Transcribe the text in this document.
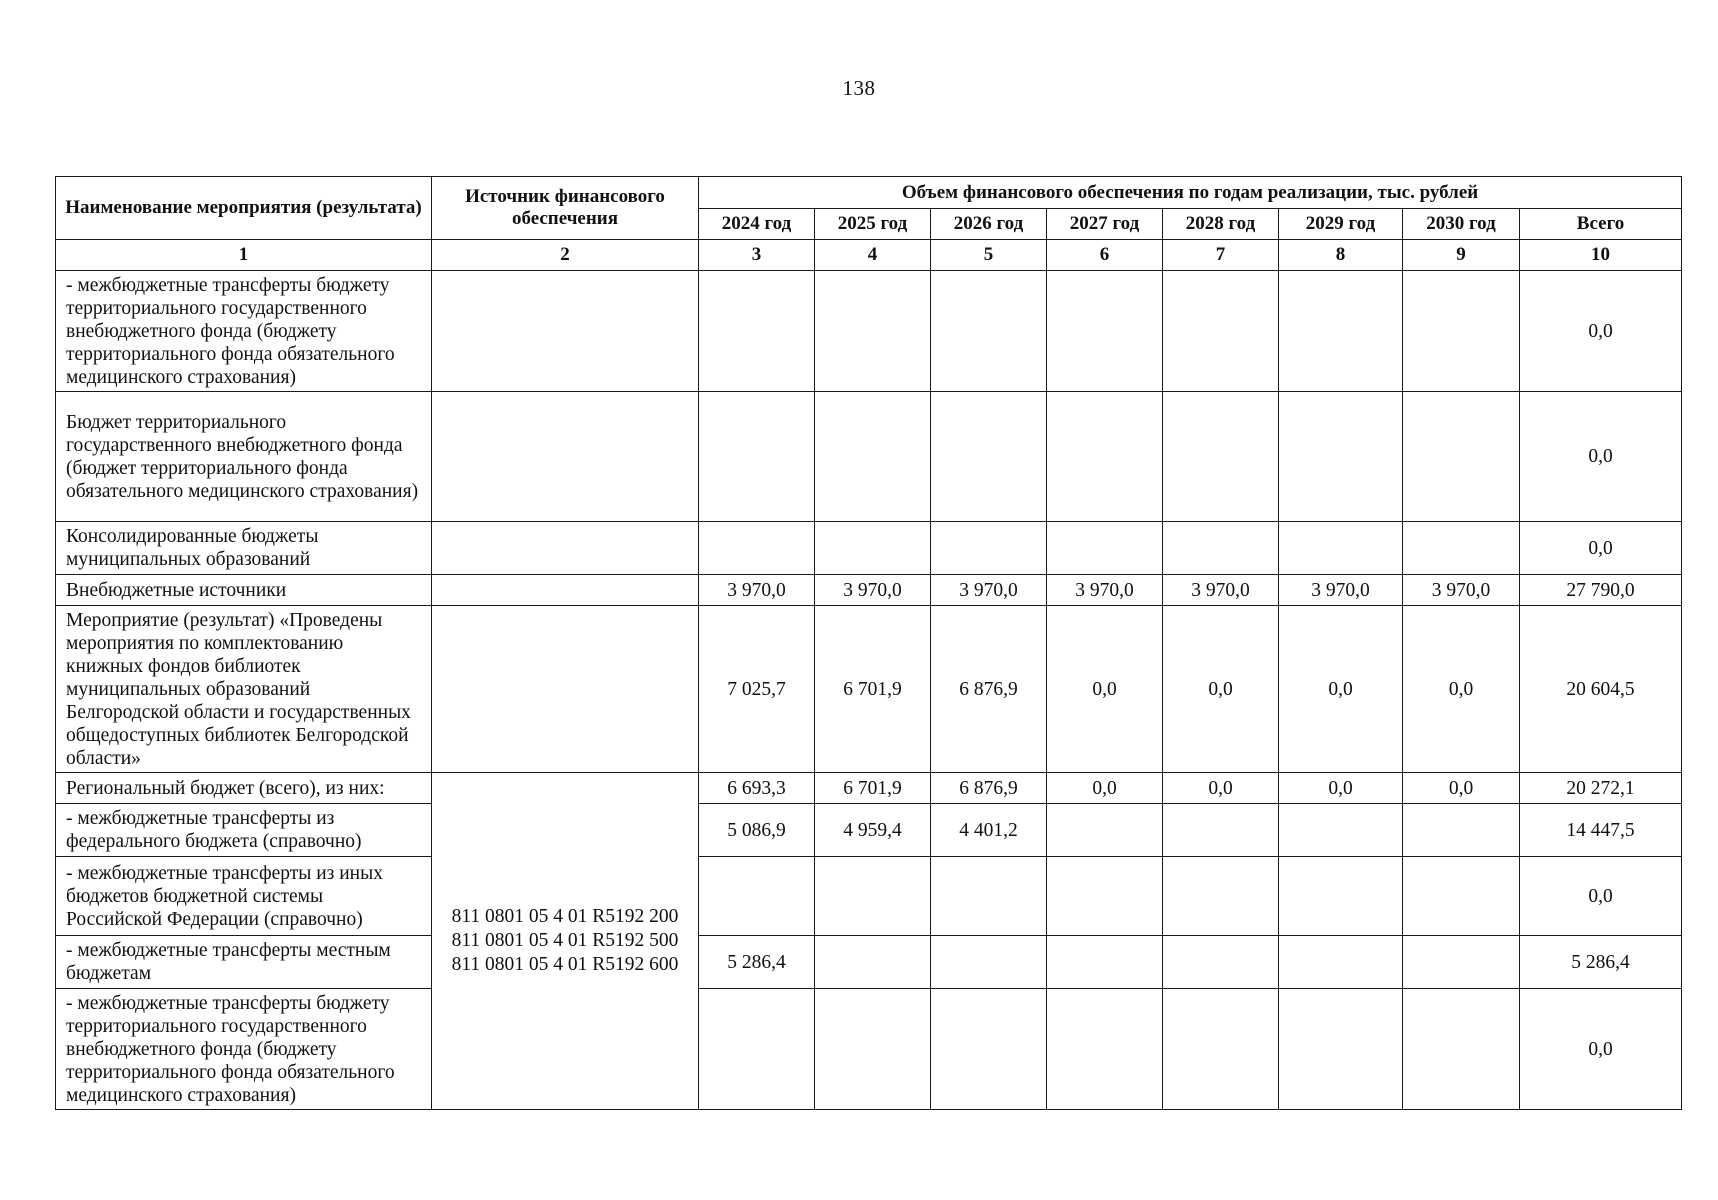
138
Наименование мероприятия (результата)	Источник финансового обеспечения	Объем финансового обеспечения по годам реализации, тыс. рублей							
		2024 год	2025 год	2026 год	2027 год	2028 год	2029 год	2030 год	Всего
1	2	3	4	5	6	7	8	9	10
- межбюджетные трансферты бюджету территориального государственного внебюджетного фонда (бюджету территориального фонда обязательного медицинского страхования)									0,0
Бюджет территориального государственного внебюджетного фонда (бюджет территориального фонда обязательного медицинского страхования)									0,0
Консолидированные бюджеты муниципальных образований									0,0
Внебюджетные источники		3 970,0	3 970,0	3 970,0	3 970,0	3 970,0	3 970,0	3 970,0	27 790,0
Мероприятие (результат) «Проведены мероприятия по комплектованию книжных фондов библиотек муниципальных образований Белгородской области и государственных общедоступных библиотек Белгородской области»		7 025,7	6 701,9	6 876,9	0,0	0,0	0,0	0,0	20 604,5
Региональный бюджет (всего), из них:	811 0801 05 4 01 R5192 200
811 0801 05 4 01 R5192 500
811 0801 05 4 01 R5192 600	6 693,3	6 701,9	6 876,9	0,0	0,0	0,0	0,0	20 272,1
- межбюджетные трансферты из федерального бюджета (справочно)		5 086,9	4 959,4	4 401,2					14 447,5
- межбюджетные трансферты из иных бюджетов бюджетной системы Российской Федерации (справочно)									0,0
- межбюджетные трансферты местным бюджетам		5 286,4							5 286,4
- межбюджетные трансферты бюджету территориального государственного внебюджетного фонда (бюджету территориального фонда обязательного медицинского страхования)									0,0
